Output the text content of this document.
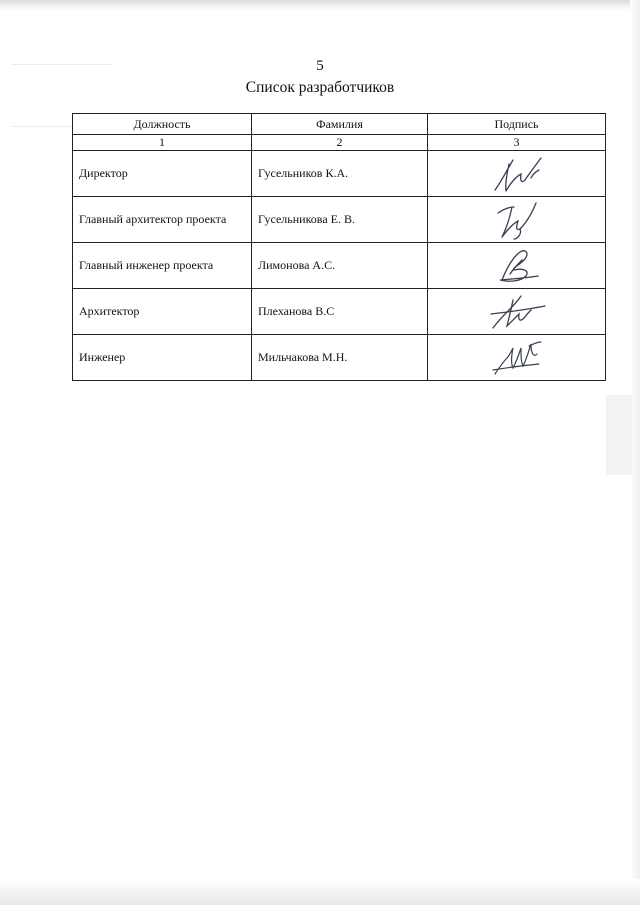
5
Список разработчиков
Должность	Фамилия	Подпись
1	2	3
Директор	Гусельников К.А.	

Главный архитектор проекта	Гусельникова Е. В.	

Главный инженер проекта	Лимонова А.С.	

Архитектор	Плеханова В.С	

Инженер	Мильчакова М.Н.	
